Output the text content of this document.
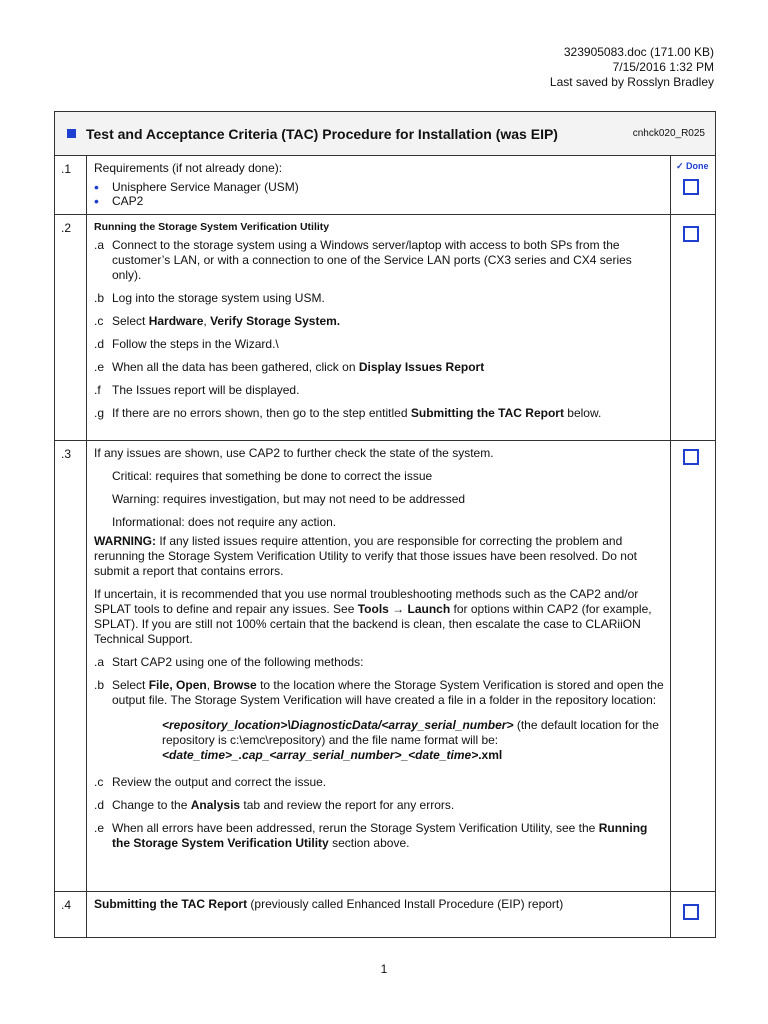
323905083.doc (171.00 KB)
7/15/2016 1:32 PM
Last saved by Rosslyn Bradley
Test and Acceptance Criteria (TAC) Procedure for Installation (was EIP)	cnhck020_R025
.1	Requirements (if not already done):
•	Unisphere Service Manager (USM)
•	CAP2
✓ Done
.2	Running the Storage System Verification Utility
.a Connect to the storage system using a Windows server/laptop with access to both SPs from the customer’s LAN, or with a connection to one of the Service LAN ports (CX3 series and CX4 series only).
.b Log into the storage system using USM.
.c Select Hardware, Verify Storage System.
.d Follow the steps in the Wizard.\
.e When all the data has been gathered, click on Display Issues Report
.f The Issues report will be displayed.
.g If there are no errors shown, then go to the step entitled Submitting the TAC Report below.
.3	If any issues are shown, use CAP2 to further check the state of the system.
Critical: requires that something be done to correct the issue
Warning: requires investigation, but may not need to be addressed
Informational: does not require any action.
WARNING: If any listed issues require attention, you are responsible for correcting the problem and rerunning the Storage System Verification Utility to verify that those issues have been resolved. Do not submit a report that contains errors.
If uncertain, it is recommended that you use normal troubleshooting methods such as the CAP2 and/or SPLAT tools to define and repair any issues. See Tools → Launch for options within CAP2 (for example, SPLAT). If you are still not 100% certain that the backend is clean, then escalate the case to CLARiiON Technical Support.
.a Start CAP2 using one of the following methods:
.b Select File, Open, Browse to the location where the Storage System Verification is stored and open the output file. The Storage System Verification will have created a file in a folder in the repository location:
<repository_location>\DiagnosticData/<array_serial_number> (the default location for the repository is c:\emc\repository) and the file name format will be:
<date_time>_.cap_<array_serial_number>_<date_time>.xml
.c Review the output and correct the issue.
.d Change to the Analysis tab and review the report for any errors.
.e When all errors have been addressed, rerun the Storage System Verification Utility, see the Running the Storage System Verification Utility section above.
.4	Submitting the TAC Report (previously called Enhanced Install Procedure (EIP) report)
1
